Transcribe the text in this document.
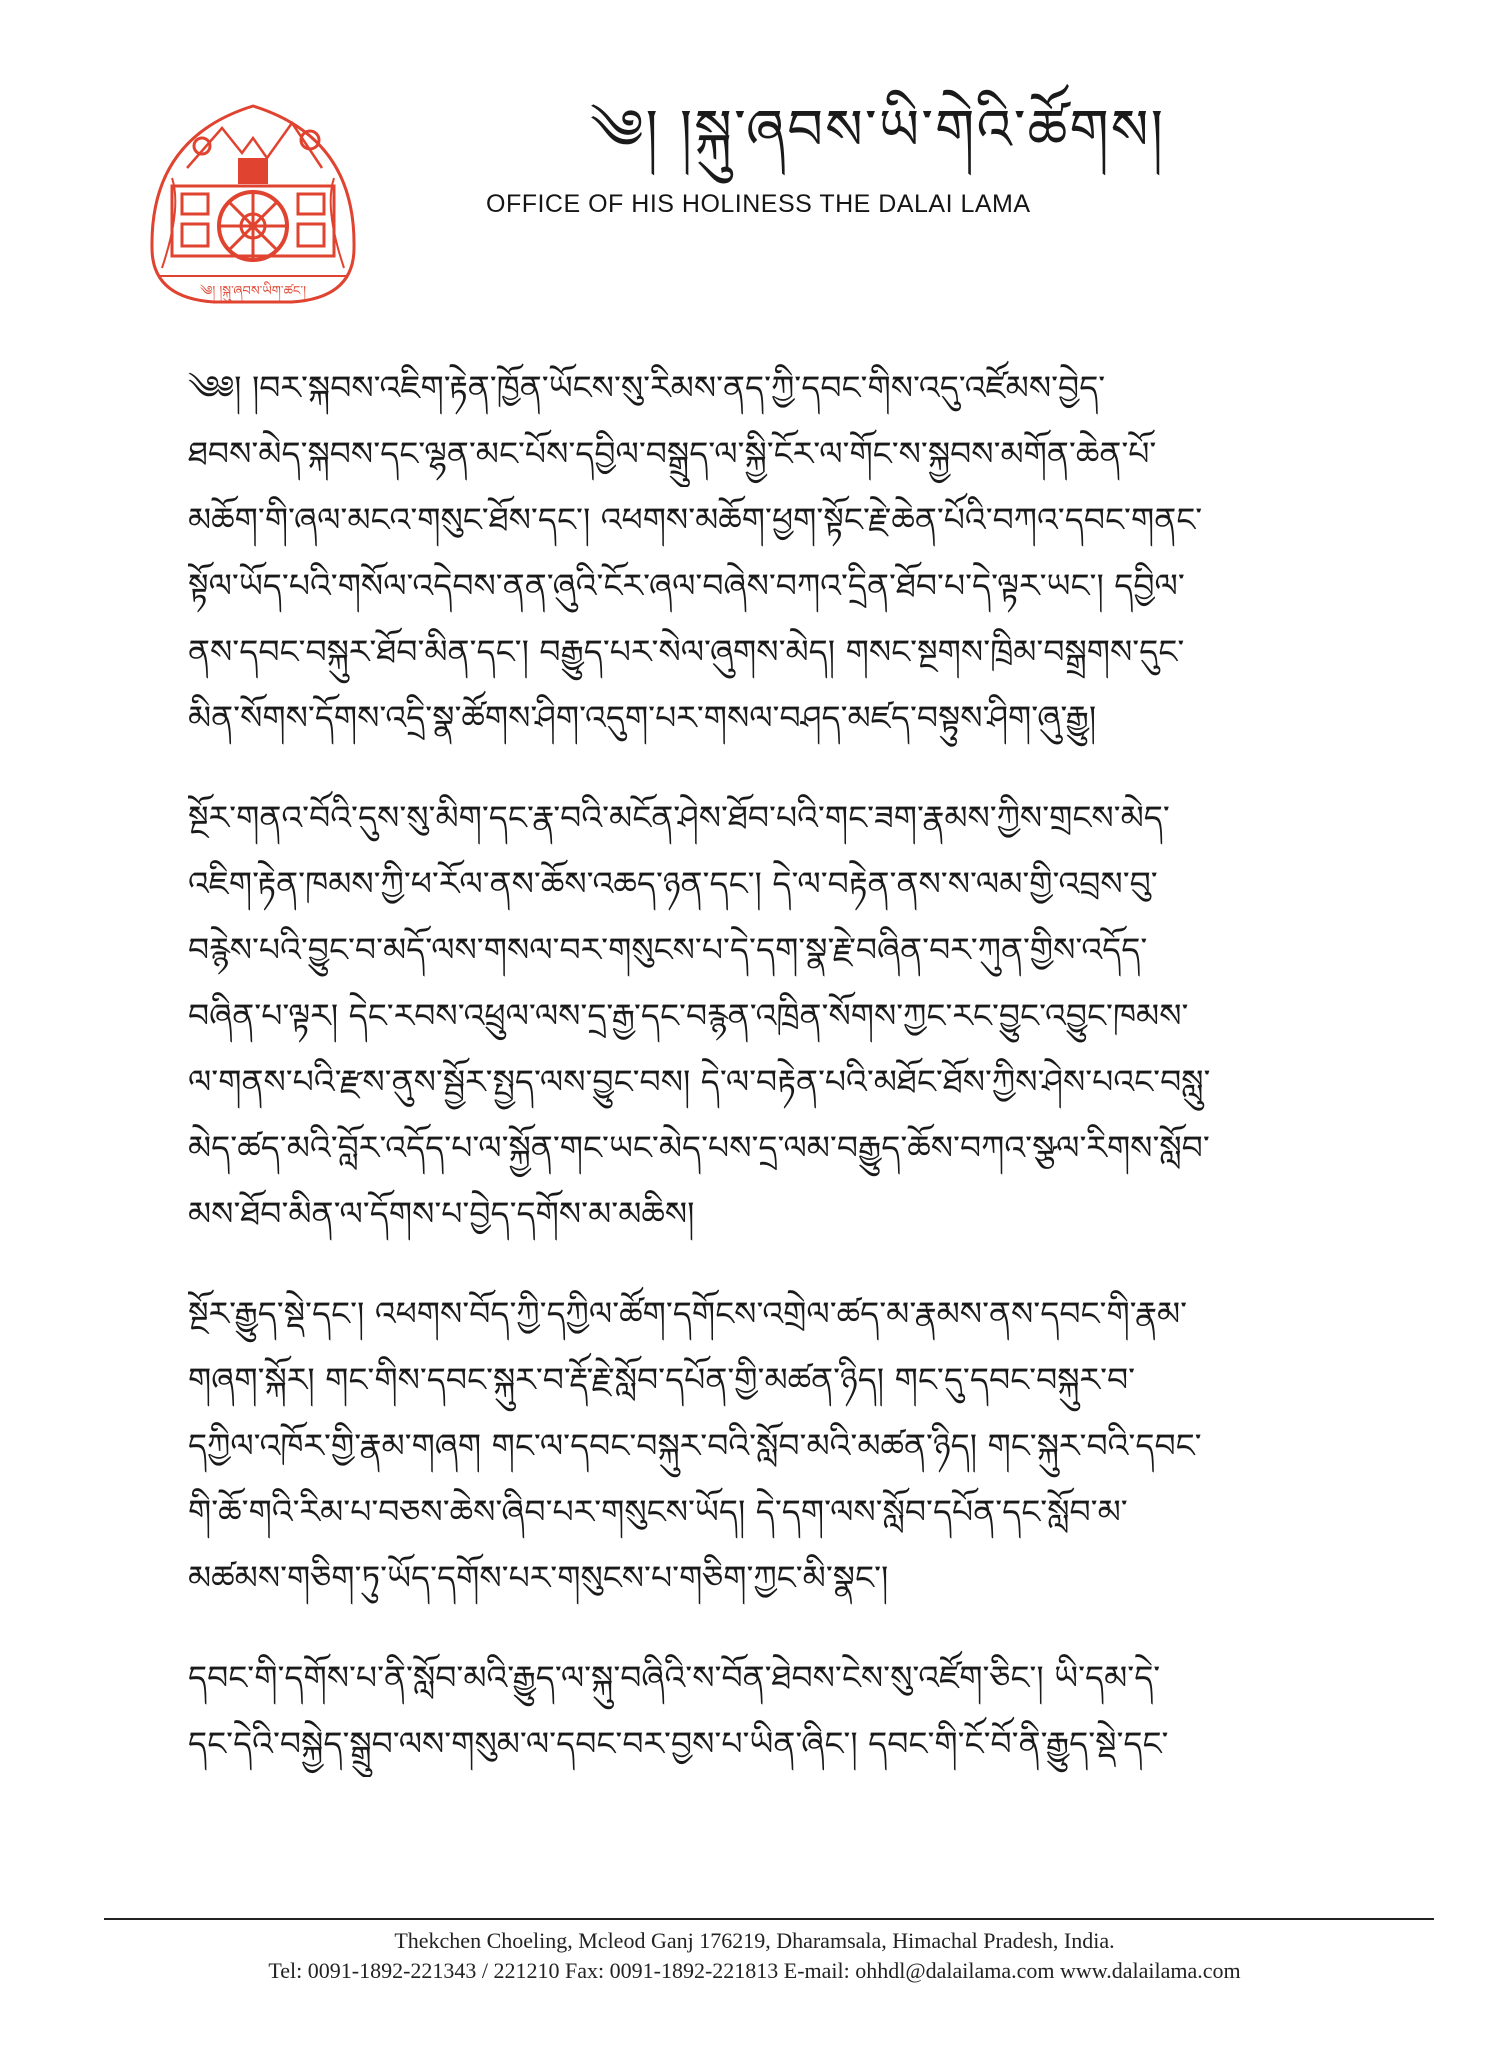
༄། །སྐུ་ཞབས་ཡིག་ཚང་།
༄། །སྐུ་ཞབས་ཡི་གེའི་ཚོགས།
OFFICE OF HIS HOLINESS THE DALAI LAMA
༄༅། །བར་སྐབས་འཇིག་རྟེན་ཁྱོན་ཡོངས་སུ་རིམས་ནད་ཀྱི་དབང་གིས་འདུ་འཛོམས་བྱེད་
ཐབས་མེད་སྐབས་དང་ལྷན་མང་པོས་དབྱིལ་བསྒྲུད་ལ་སྐྱི་ངོར་ལ་གོང་ས་སྐྱབས་མགོན་ཆེན་པོ་
མཆོག་གི་ཞལ་མངའ་གསུང་ཐོས་དང་། འཕགས་མཆོག་ཕྱག་སྟོང་རྗེ་ཆེན་པོའི་བཀའ་དབང་གནང་
སྟོལ་ཡོད་པའི་གསོལ་འདེབས་ནན་ཞུའི་ངོར་ཞལ་བཞེས་བཀའ་དྲིན་ཐོབ་པ་དེ་ལྟར་ཡང་། དབྱིལ་
ནས་དབང་བསྐུར་ཐོབ་མིན་དང་། བརྒྱུད་པར་སེལ་ཞུགས་མེད། གསང་སྔགས་ཁྲིམ་བསྒྲགས་དུང་
མིན་སོགས་དོགས་འདྲི་སྣ་ཚོགས་ཤིག་འདུག་པར་གསལ་བཤད་མཛད་བསྟུས་ཤིག་ཞུ་རྒྱུ།
སྔོར་གནའ་བོའི་དུས་སུ་མིག་དང་རྣ་བའི་མངོན་ཤེས་ཐོབ་པའི་གང་ཟག་རྣམས་ཀྱིས་གྲངས་མེད་
འཇིག་རྟེན་ཁམས་ཀྱི་ཕ་རོལ་ནས་ཆོས་འཆད་ཉན་དང་། དེ་ལ་བརྟེན་ནས་ས་ལམ་གྱི་འབྲས་བུ་
བརྙེས་པའི་བྱུང་བ་མདོ་ལས་གསལ་བར་གསུངས་པ་དེ་དག་སྣ་རྗེ་བཞིན་བར་ཀུན་གྱིས་འདོད་
བཞིན་པ་ལྟར། དེང་རབས་འཕྲུལ་ལས་དྲ་རྒྱ་དང་བརྙན་འཁྲིན་སོགས་ཀྱང་རང་བྱུང་འབྱུང་ཁམས་
ལ་གནས་པའི་རྫས་ནུས་སྦྱོར་སྤྱད་ལས་བྱུང་བས། དེ་ལ་བརྟེན་པའི་མཐོང་ཐོས་ཀྱིས་ཤེས་པའང་བསླུ་
མེད་ཚད་མའི་བློར་འདོད་པ་ལ་སྐྱོན་གང་ཡང་མེད་པས་དྲ་ལམ་བརྒྱུད་ཆོས་བཀའ་སྩལ་རིགས་སློབ་
མས་ཐོབ་མིན་ལ་དོགས་པ་བྱེད་དགོས་མ་མཆིས།
སྔོར་རྒྱུད་སྡེ་དང་། འཕགས་བོད་ཀྱི་དཀྱིལ་ཚོག་དགོངས་འགྲེལ་ཚད་མ་རྣམས་ནས་དབང་གི་རྣམ་
གཞག་སྐོར། གང་གིས་དབང་སྐུར་བ་རྡོ་རྗེ་སློབ་དཔོན་གྱི་མཚན་ཉིད། གང་དུ་དབང་བསྐུར་བ་
དཀྱིལ་འཁོར་གྱི་རྣམ་གཞག གང་ལ་དབང་བསྐུར་བའི་སློབ་མའི་མཚན་ཉིད། གང་སྐུར་བའི་དབང་
གི་ཆོ་གའི་རིམ་པ་བཅས་ཆེས་ཞིབ་པར་གསུངས་ཡོད། དེ་དག་ལས་སློབ་དཔོན་དང་སློབ་མ་
མཚམས་གཅིག་ཏུ་ཡོད་དགོས་པར་གསུངས་པ་གཅིག་ཀྱང་མི་སྣང་།
དབང་གི་དགོས་པ་ནི་སློབ་མའི་རྒྱུད་ལ་སྐུ་བཞིའི་ས་བོན་ཐེབས་ངེས་སུ་འཛོག་ཅིང་། ཡི་དམ་དེ་
དང་དེའི་བསྐྱེད་སྒྲུབ་ལས་གསུམ་ལ་དབང་བར་བྱས་པ་ཡིན་ཞིང་། དབང་གི་ངོ་བོ་ནི་རྒྱུད་སྡེ་དང་
Thekchen Choeling, Mcleod Ganj 176219, Dharamsala, Himachal Pradesh, India.
Tel: 0091-1892-221343 / 221210 Fax: 0091-1892-221813 E-mail: ohhdl@dalailama.com www.dalailama.com
